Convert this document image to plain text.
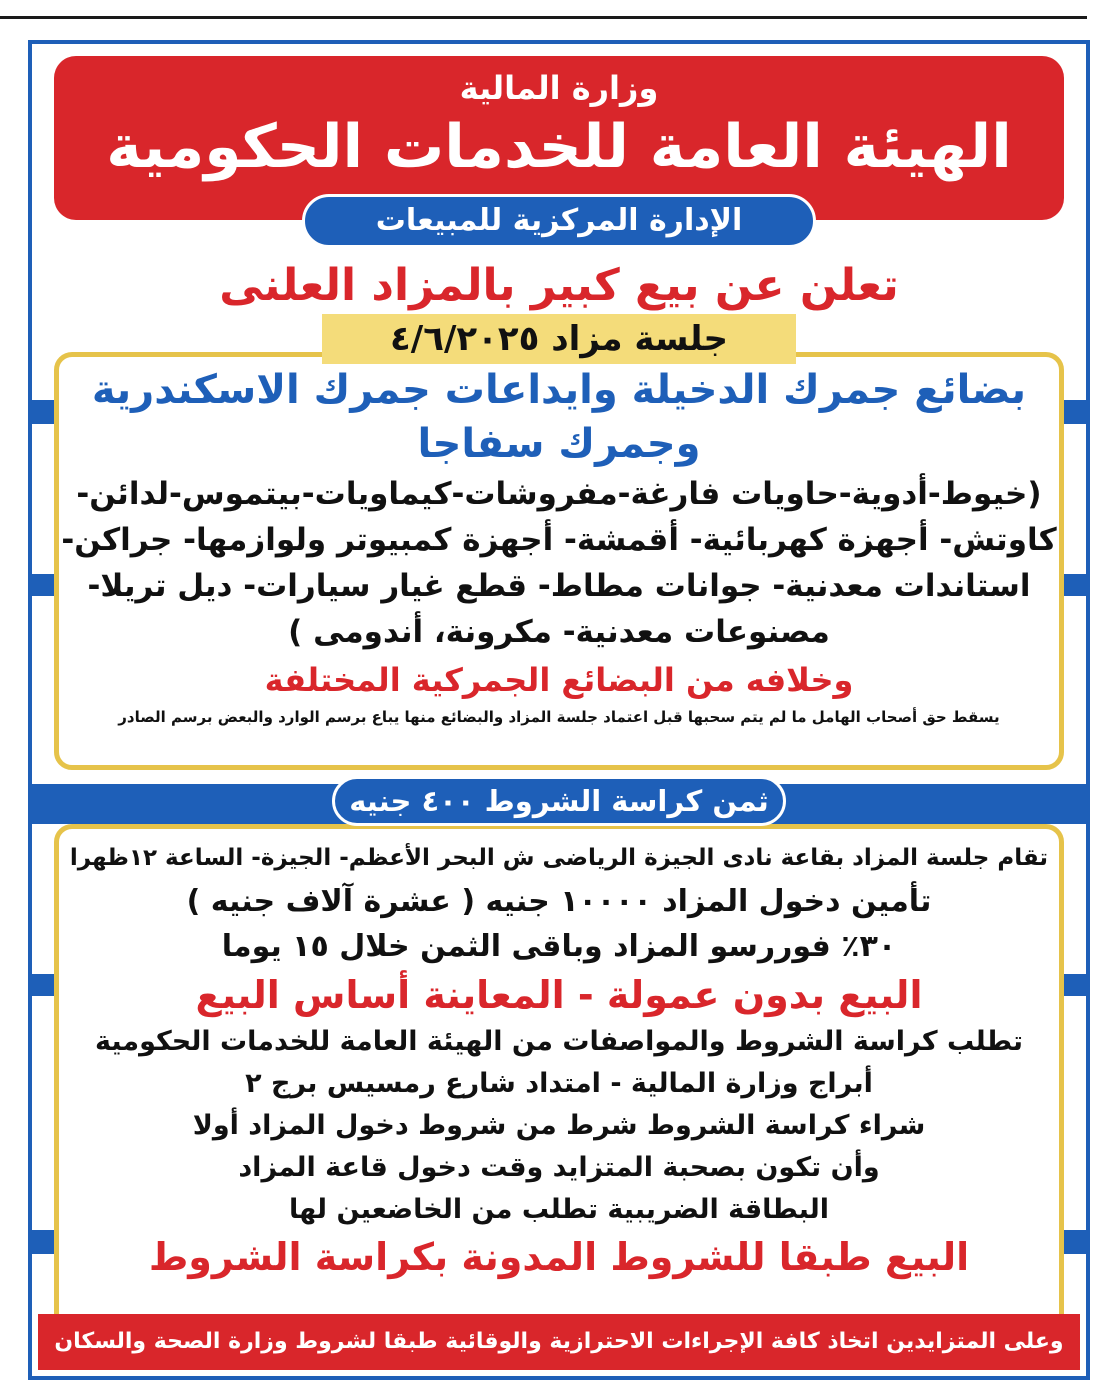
وزارة المالية
الهيئة العامة للخدمات الحكومية
الإدارة المركزية للمبيعات
تعلن عن بيع كبير بالمزاد العلنى
بضائع جمرك الدخيلة وايداعات جمرك الاسكندرية وجمرك سفاجا
(خيوط-أدوية-حاويات فارغة-مفروشات-كيماويات-بيتموس-لدائن-
كاوتش- أجهزة كهربائية- أقمشة- أجهزة كمبيوتر ولوازمها- جراكن-
استاندات معدنية- جوانات مطاط- قطع غيار سيارات- ديل تريلا-
مصنوعات معدنية- مكرونة، أندومى )
وخلافه من البضائع الجمركية المختلفة
يسقط حق أصحاب الهامل ما لم يتم سحبها قبل اعتماد جلسة المزاد والبضائع منها يباع برسم الوارد والبعض برسم الصادر
جلسة مزاد ٤/٦/٢٠٢٥
تقام جلسة المزاد بقاعة نادى الجيزة الرياضى ش البحر الأعظم- الجيزة- الساعة ١٢ظهرا
تأمين دخول المزاد ١٠٠٠٠ جنيه ( عشرة آلاف جنيه )
٣٠٪ فوررسو المزاد وباقى الثمن خلال ١٥ يوما
البيع بدون عمولة - المعاينة أساس البيع
تطلب كراسة الشروط والمواصفات من الهيئة العامة للخدمات الحكومية
أبراج وزارة المالية - امتداد شارع رمسيس برج ٢
شراء كراسة الشروط شرط من شروط دخول المزاد أولا
وأن تكون بصحبة المتزايد وقت دخول قاعة المزاد
البطاقة الضريبية تطلب من الخاضعين لها
البيع طبقا للشروط المدونة بكراسة الشروط
ثمن كراسة الشروط ٤٠٠ جنيه
وعلى المتزايدين اتخاذ كافة الإجراءات الاحترازية والوقائية طبقا لشروط وزارة الصحة والسكان
